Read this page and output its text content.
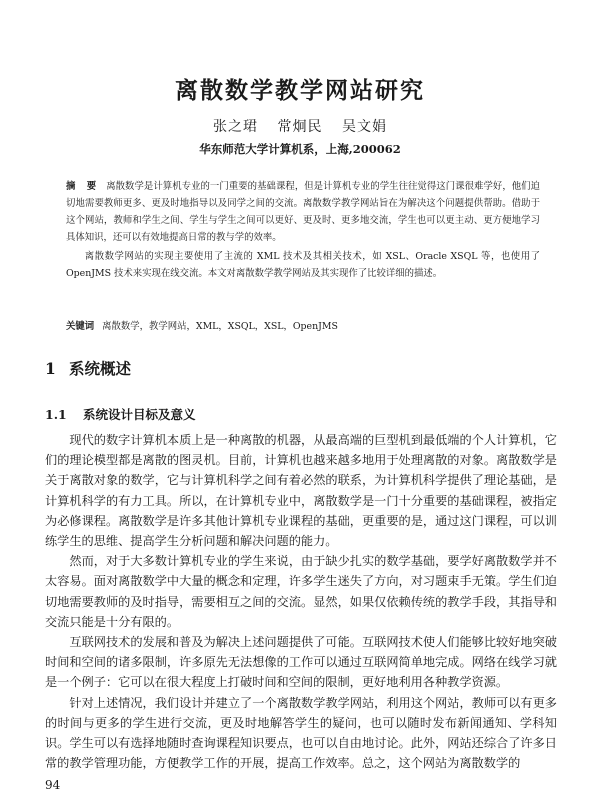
离散数学教学网站研究
张之珺 常炯民 吴文娟
华东师范大学计算机系，上海,200062

摘 要 离散数学是计算机专业的一门重要的基础课程，但是计算机专业的学生往往觉得这门课很难学好，他们迫切地需要教师更多、更及时地指导以及同学之间的交流。离散数学教学网站旨在为解决这个问题提供帮助。借助于这个网站，教师和学生之间、学生与学生之间可以更好、更及时、更多地交流，学生也可以更主动、更方便地学习具体知识，还可以有效地提高日常的教与学的效率。

离散数学网站的实现主要使用了主流的 XML 技术及其相关技术，如 XSL、Oracle XSQL 等，也使用了 OpenJMS 技术来实现在线交流。本文对离散数学教学网站及其实现作了比较详细的描述。

关键词 离散数学，教学网站，XML，XSQL，XSL，OpenJMS
1 系统概述
1.1 系统设计目标及意义

现代的数字计算机本质上是一种离散的机器，从最高端的巨型机到最低端的个人计算机，它们的理论模型都是离散的图灵机。目前，计算机也越来越多地用于处理离散的对象。离散数学是关于离散对象的数学，它与计算机科学之间有着必然的联系，为计算机科学提供了理论基础，是计算机科学的有力工具。所以，在计算机专业中，离散数学是一门十分重要的基础课程，被指定为必修课程。离散数学是许多其他计算机专业课程的基础，更重要的是，通过这门课程，可以训练学生的思维、提高学生分析问题和解决问题的能力。

然而，对于大多数计算机专业的学生来说，由于缺少扎实的数学基础，要学好离散数学并不太容易。面对离散数学中大量的概念和定理，许多学生迷失了方向，对习题束手无策。学生们迫切地需要教师的及时指导，需要相互之间的交流。显然，如果仅依赖传统的教学手段，其指导和交流只能是十分有限的。

互联网技术的发展和普及为解决上述问题提供了可能。互联网技术使人们能够比较好地突破时间和空间的诸多限制，许多原先无法想像的工作可以通过互联网简单地完成。网络在线学习就是一个例子：它可以在很大程度上打破时间和空间的限制，更好地利用各种教学资源。

针对上述情况，我们设计并建立了一个离散数学教学网站，利用这个网站，教师可以有更多的时间与更多的学生进行交流，更及时地解答学生的疑问，也可以随时发布新闻通知、学科知识。学生可以有选择地随时查询课程知识要点，也可以自由地讨论。此外，网站还综合了许多日常的教学管理功能，方便教学工作的开展，提高工作效率。总之，这个网站为离散数学的

94
